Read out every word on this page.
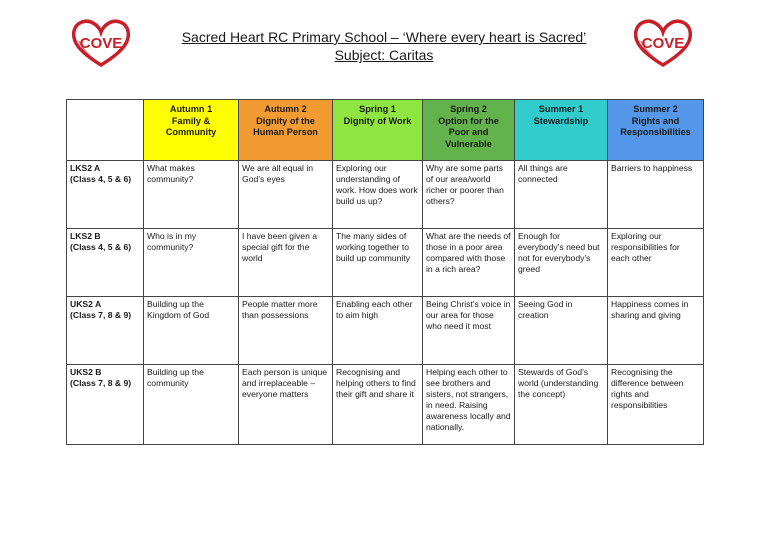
COVE	COVE
Sacred Heart RC Primary School – ‘Where every heart is Sacred’
Subject: Caritas

	Autumn 1
Family &
Community	Autumn 2
Dignity of the
Human Person	Spring 1
Dignity of Work	Spring 2
Option for the
Poor and
Vulnerable	Summer 1
Stewardship	Summer 2
Rights and
Responsibilities

LKS2 A
(Class 4, 5 & 6)	What makes community?	We are all equal in God’s eyes	Exploring our understanding of work. How does work build us up?	Why are some parts of our area/world richer or poorer than others?	All things are connected	Barriers to happiness

LKS2 B
(Class 4, 5 & 6)	Who is in my community?	I have been given a special gift for the world	The many sides of working together to build up community	What are the needs of those in a poor area compared with those in a rich area?	Enough for everybody’s need but not for everybody’s greed	Exploring our responsibilities for each other

UKS2 A
(Class 7, 8 & 9)	Building up the Kingdom of God	People matter more than possessions	Enabling each other to aim high	Being Christ’s voice in our area for those who need it most	Seeing God in creation	Happiness comes in sharing and giving

UKS2 B
(Class 7, 8 & 9)	Building up the community	Each person is unique and irreplaceable – everyone matters	Recognising and helping others to find their gift and share it	Helping each other to see brothers and sisters, not strangers, in need. Raising awareness locally and nationally.	Stewards of God’s world (understanding the concept)	Recognising the difference between rights and responsibilities
